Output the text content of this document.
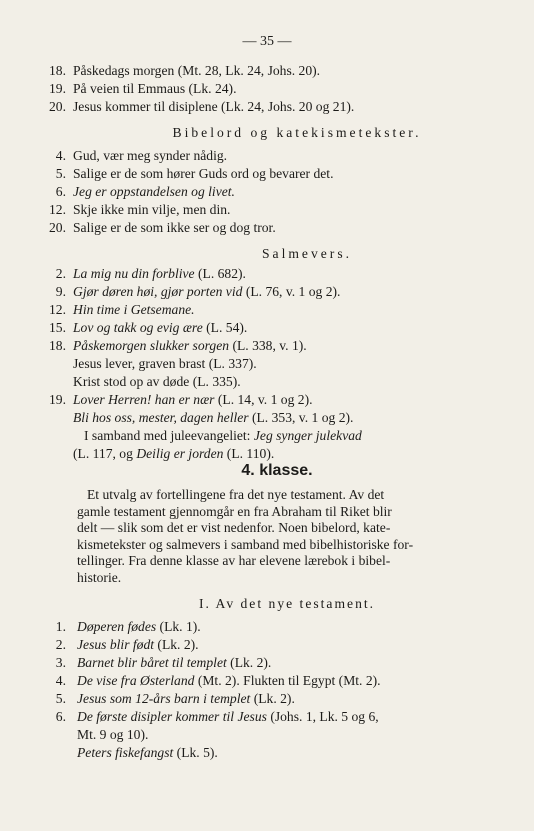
— 35 —
18. Påskedags morgen (Mt. 28, Lk. 24, Johs. 20).
19. På veien til Emmaus (Lk. 24).
20. Jesus kommer til disiplene (Lk. 24, Johs. 20 og 21).
Bibelord og katekismetekster.
4. Gud, vær meg synder nådig.
5. Salige er de som hører Guds ord og bevarer det.
6. Jeg er oppstandelsen og livet.
12. Skje ikke min vilje, men din.
20. Salige er de som ikke ser og dog tror.
Salmevers.
2. La mig nu din forblive (L. 682).
9. Gjør døren høi, gjør porten vid (L. 76, v. 1 og 2).
12. Hin time i Getsemane.
15. Lov og takk og evig ære (L. 54).
18. Påskemorgen slukker sorgen (L. 338, v. 1).
Jesus lever, graven brast (L. 337).
Krist stod op av døde (L. 335).
19. Lover Herren! han er nær (L. 14, v. 1 og 2).
Bli hos oss, mester, dagen heller (L. 353, v. 1 og 2).
I samband med juleevangeliet: Jeg synger julekvad
(L. 117, og Deilig er jorden (L. 110).
4. klasse.
Et utvalg av fortellingene fra det nye testament. Av det
gamle testament gjennomgår en fra Abraham til Riket blir
delt — slik som det er vist nedenfor. Noen bibelord, kate-
kismetekster og salmevers i samband med bibelhistoriske for-
tellinger. Fra denne klasse av har elevene lærebok i bibel-
historie.
I. Av det nye testament.
1. Døperen fødes (Lk. 1).
2. Jesus blir født (Lk. 2).
3. Barnet blir båret til templet (Lk. 2).
4. De vise fra Østerland (Mt. 2). Flukten til Egypt (Mt. 2).
5. Jesus som 12-års barn i templet (Lk. 2).
6. De første disipler kommer til Jesus (Johs. 1, Lk. 5 og 6,
Mt. 9 og 10).
Peters fiskefangst (Lk. 5).
